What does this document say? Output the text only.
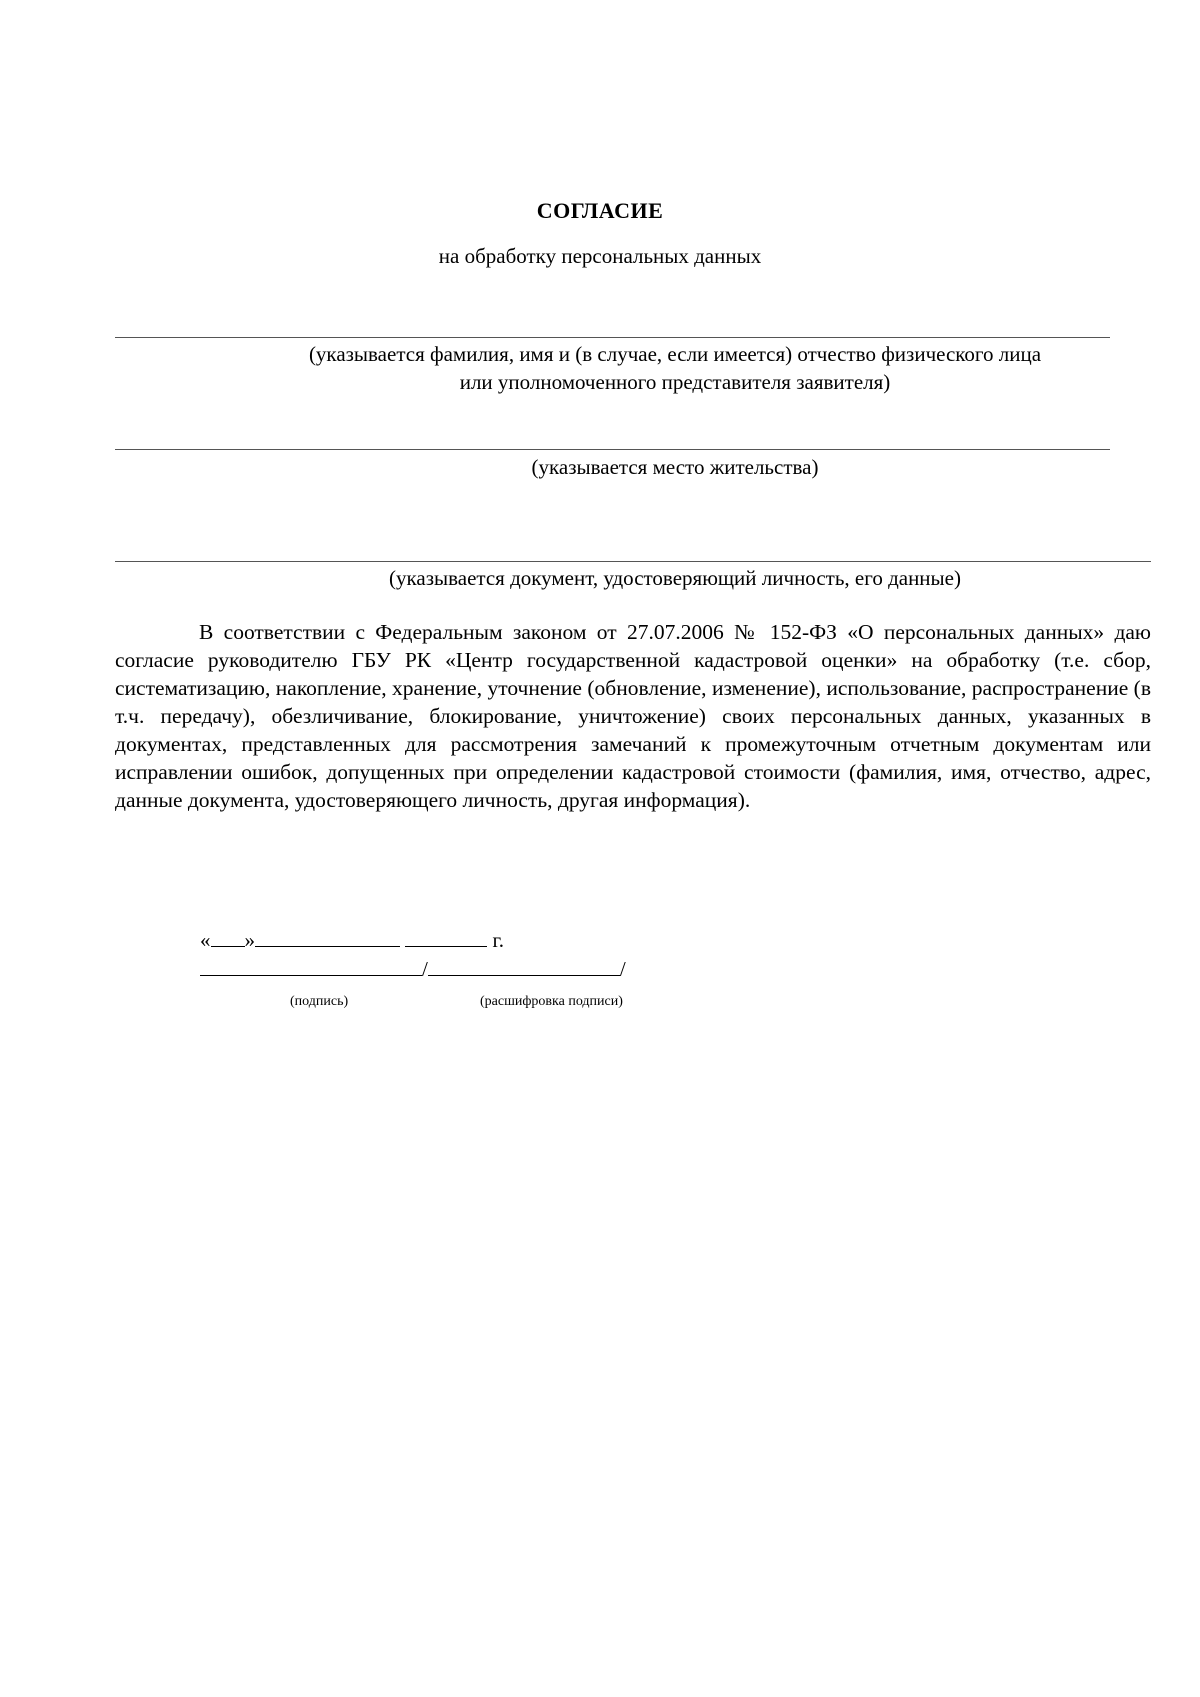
СОГЛАСИЕ
на обработку персональных данных
(указывается фамилия, имя и (в случае, если имеется) отчество физического лица
или уполномоченного представителя заявителя)
(указывается место жительства)
(указывается документ, удостоверяющий личность, его данные)
В соответствии с Федеральным законом от 27.07.2006 № 152-ФЗ «О персональных данных» даю согласие руководителю ГБУ РК «Центр государственной кадастровой оценки» на обработку (т.е. сбор, систематизацию, накопление, хранение, уточнение (обновление, изменение), использование, распространение (в т.ч. передачу), обезличивание, блокирование, уничтожение) своих персональных данных, указанных в документах, представленных для рассмотрения замечаний к промежуточным отчетным документам или исправлении ошибок, допущенных при определении кадастровой стоимости (фамилия, имя, отчество, адрес, данные документа, удостоверяющего личность, другая информация).
« »	г.
/	/
(подпись)	(расшифровка подписи)
